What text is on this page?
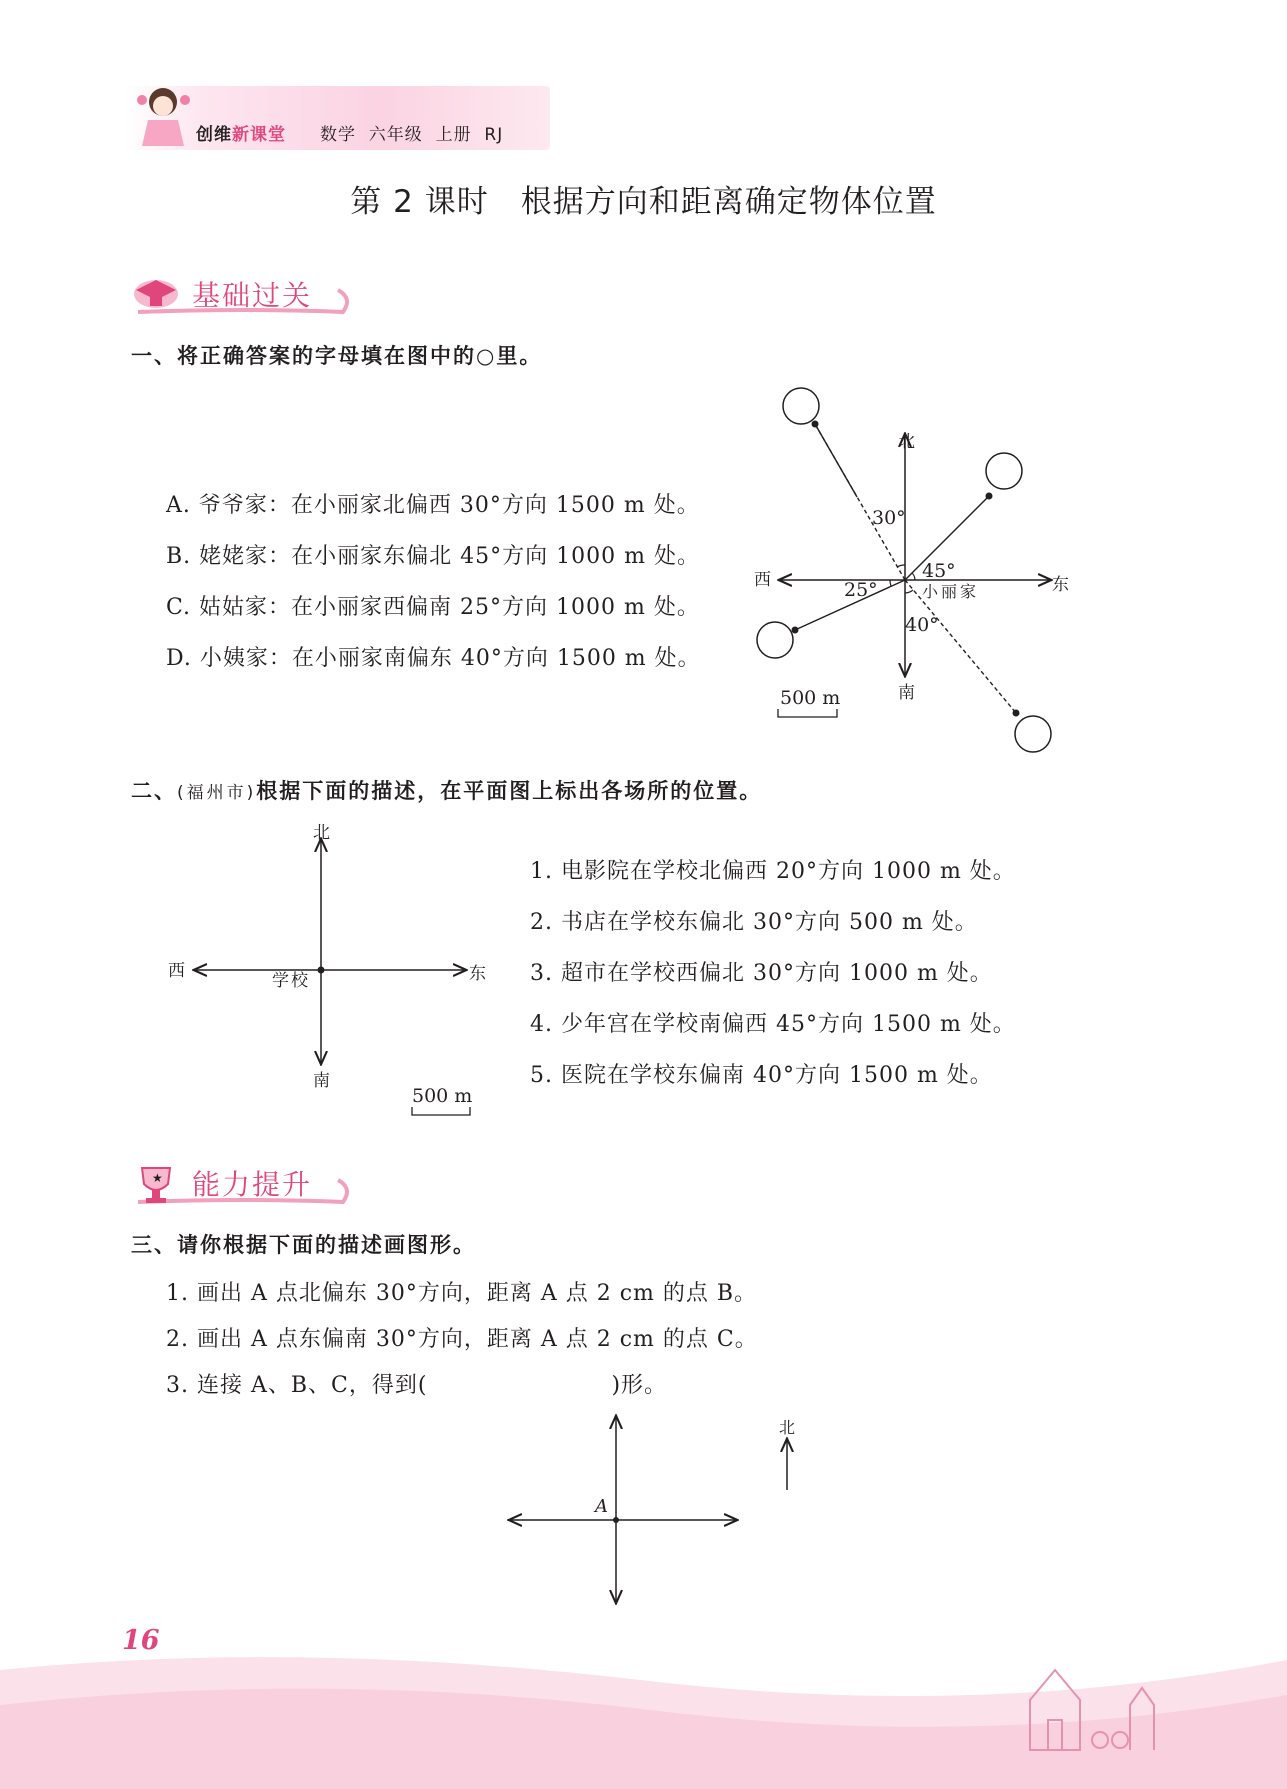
创维新课堂 数学  六年级  上册  RJ
第 2 课时　根据方向和距离确定物体位置
基础过关
一、将正确答案的字母填在图中的○里。
A. 爷爷家：在小丽家北偏西 30°方向 1500 m 处。
B. 姥姥家：在小丽家东偏北 45°方向 1000 m 处。
C. 姑姑家：在小丽家西偏南 25°方向 1000 m 处。
D. 小姨家：在小丽家南偏东 40°方向 1500 m 处。
北
南
西	东
30°
45°
25°
40°
小丽家
500 m
二、(福州市)根据下面的描述，在平面图上标出各场所的位置。
北
南
西	东
学校
500 m
1. 电影院在学校北偏西 20°方向 1000 m 处。
2. 书店在学校东偏北 30°方向 500 m 处。
3. 超市在学校西偏北 30°方向 1000 m 处。
4. 少年宫在学校南偏西 45°方向 1500 m 处。
5. 医院在学校东偏南 40°方向 1500 m 处。
★ 能力提升
三、请你根据下面的描述画图形。
1. 画出 A 点北偏东 30°方向，距离 A 点 2 cm 的点 B。
2. 画出 A 点东偏南 30°方向，距离 A 点 2 cm 的点 C。
3. 连接 A、B、C，得到(　　　　　　　　)形。
A
北
16
